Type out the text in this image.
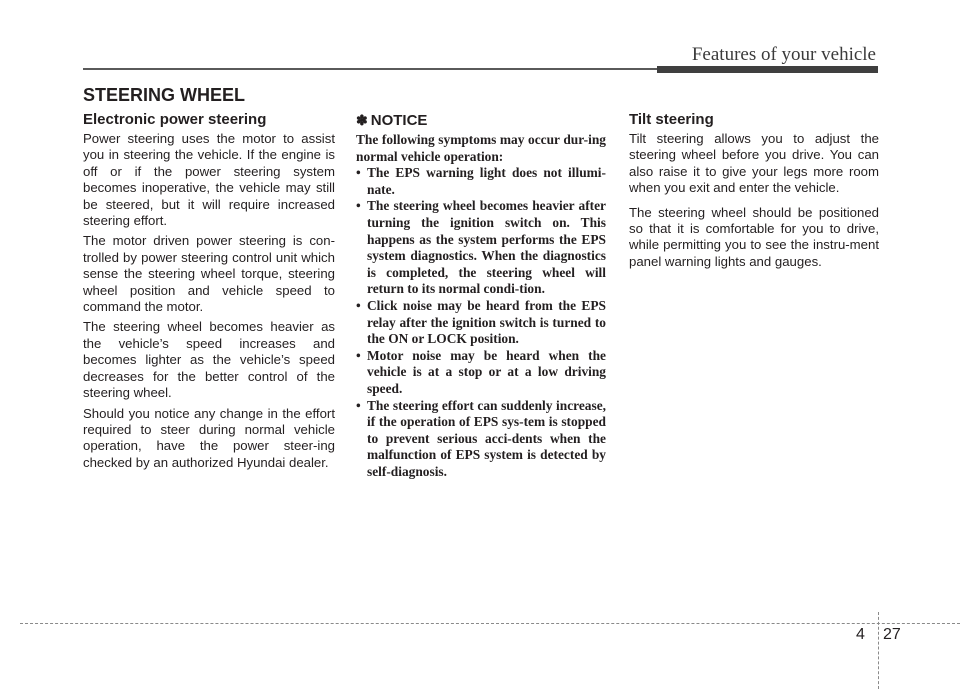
Features of your vehicle
STEERING WHEEL
Electronic power steering

Power steering uses the motor to assist you in steering the vehicle. If the engine is off or if the power steering system becomes inoperative, the vehicle may still be steered, but it will require increased steering effort.

The motor driven power steering is con-trolled by power steering control unit which sense the steering wheel torque, steering wheel position and vehicle speed to command the motor.

The steering wheel becomes heavier as the vehicle’s speed increases and becomes lighter as the vehicle’s speed decreases for the better control of the steering wheel.

Should you notice any change in the effort required to steer during normal vehicle operation, have the power steer-ing checked by an authorized Hyundai dealer.

✽ NOTICE

The following symptoms may occur dur-ing normal vehicle operation:

• The EPS warning light does not illumi-nate.
• The steering wheel becomes heavier after turning the ignition switch on. This happens as the system performs the EPS system diagnostics. When the diagnostics is completed, the steering wheel will return to its normal condi-tion.
• Click noise may be heard from the EPS relay after the ignition switch is turned to the ON or LOCK position.
• Motor noise may be heard when the vehicle is at a stop or at a low driving speed.
• The steering effort can suddenly increase, if the operation of EPS sys-tem is stopped to prevent serious acci-dents when the malfunction of EPS system is detected by self-diagnosis.
Tilt steering

Tilt steering allows you to adjust the steering wheel before you drive. You can also raise it to give your legs more room when you exit and enter the vehicle.

The steering wheel should be positioned so that it is comfortable for you to drive, while permitting you to see the instru-ment panel warning lights and gauges.

4 27
